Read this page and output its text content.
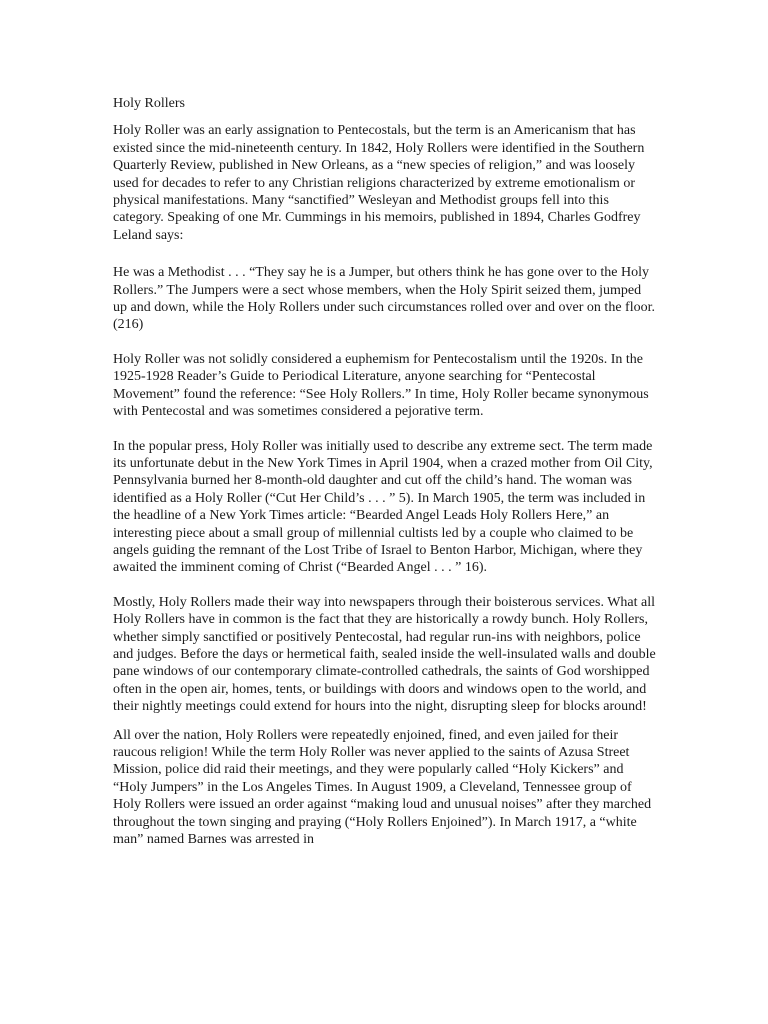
Holy Rollers

Holy Roller was an early assignation to Pentecostals, but the term is an Americanism that has existed since the mid-nineteenth century. In 1842, Holy Rollers were identified in the Southern Quarterly Review, published in New Orleans, as a “new species of religion,” and was loosely used for decades to refer to any Christian religions characterized by extreme emotionalism or physical manifestations. Many “sanctified” Wesleyan and Methodist groups fell into this category. Speaking of one Mr. Cummings in his memoirs, published in 1894, Charles Godfrey Leland says:

He was a Methodist . . . “They say he is a Jumper, but others think he has gone over to the Holy Rollers.” The Jumpers were a sect whose members, when the Holy Spirit seized them, jumped up and down, while the Holy Rollers under such circumstances rolled over and over on the floor. (216)

Holy Roller was not solidly considered a euphemism for Pentecostalism until the 1920s. In the 1925-1928 Reader’s Guide to Periodical Literature, anyone searching for “Pentecostal Movement” found the reference: “See Holy Rollers.” In time, Holy Roller became synonymous with Pentecostal and was sometimes considered a pejorative term.

In the popular press, Holy Roller was initially used to describe any extreme sect. The term made its unfortunate debut in the New York Times in April 1904, when a crazed mother from Oil City, Pennsylvania burned her 8-month-old daughter and cut off the child’s hand. The woman was identified as a Holy Roller (“Cut Her Child’s . . . ” 5). In March 1905, the term was included in the headline of a New York Times article: “Bearded Angel Leads Holy Rollers Here,” an interesting piece about a small group of millennial cultists led by a couple who claimed to be angels guiding the remnant of the Lost Tribe of Israel to Benton Harbor, Michigan, where they awaited the imminent coming of Christ (“Bearded Angel . . . ” 16).

Mostly, Holy Rollers made their way into newspapers through their boisterous services. What all Holy Rollers have in common is the fact that they are historically a rowdy bunch. Holy Rollers, whether simply sanctified or positively Pentecostal, had regular run-ins with neighbors, police and judges. Before the days or hermetical faith, sealed inside the well-insulated walls and double pane windows of our contemporary climate-controlled cathedrals, the saints of God worshipped often in the open air, homes, tents, or buildings with doors and windows open to the world, and their nightly meetings could extend for hours into the night, disrupting sleep for blocks around!

All over the nation, Holy Rollers were repeatedly enjoined, fined, and even jailed for their raucous religion! While the term Holy Roller was never applied to the saints of Azusa Street Mission, police did raid their meetings, and they were popularly called “Holy Kickers” and “Holy Jumpers” in the Los Angeles Times. In August 1909, a Cleveland, Tennessee group of Holy Rollers were issued an order against “making loud and unusual noises” after they marched throughout the town singing and praying (“Holy Rollers Enjoined”). In March 1917, a “white man” named Barnes was arrested in
